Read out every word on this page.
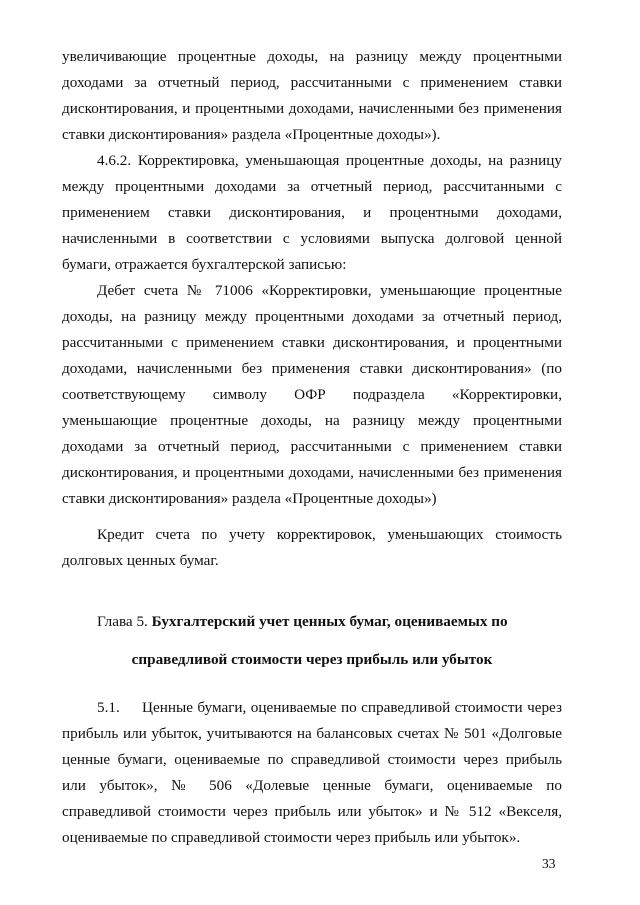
увеличивающие процентные доходы, на разницу между процентными доходами за отчетный период, рассчитанными с применением ставки дисконтирования, и процентными доходами, начисленными без применения ставки дисконтирования» раздела «Процентные доходы»).

4.6.2. Корректировка, уменьшающая процентные доходы, на разницу между процентными доходами за отчетный период, рассчитанными с применением ставки дисконтирования, и процентными доходами, начисленными в соответствии с условиями выпуска долговой ценной бумаги, отражается бухгалтерской записью:

Дебет счета № 71006 «Корректировки, уменьшающие процентные доходы, на разницу между процентными доходами за отчетный период, рассчитанными с применением ставки дисконтирования, и процентными доходами, начисленными без применения ставки дисконтирования» (по соответствующему символу ОФР подраздела «Корректировки, уменьшающие процентные доходы, на разницу между процентными доходами за отчетный период, рассчитанными с применением ставки дисконтирования, и процентными доходами, начисленными без применения ставки дисконтирования» раздела «Процентные доходы»)

Кредит счета по учету корректировок, уменьшающих стоимость долговых ценных бумаг.

Глава 5. Бухгалтерский учет ценных бумаг, оцениваемых по
справедливой стоимости через прибыль или убыток

5.1.     Ценные бумаги, оцениваемые по справедливой стоимости через прибыль или убыток, учитываются на балансовых счетах № 501 «Долговые ценные бумаги, оцениваемые по справедливой стоимости через прибыль или убыток», № 506 «Долевые ценные бумаги, оцениваемые по справедливой стоимости через прибыль или убыток» и № 512 «Векселя, оцениваемые по справедливой стоимости через прибыль или убыток».

33
